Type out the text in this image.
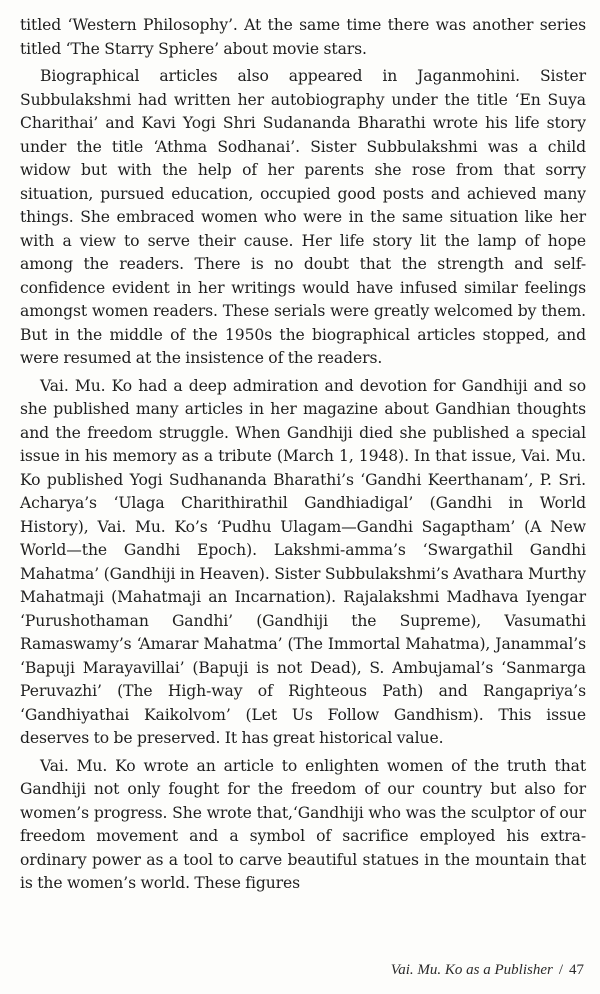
titled ‘Western Philosophy’. At the same time there was another series titled ‘The Starry Sphere’ about movie stars.

Biographical articles also appeared in Jaganmohini. Sister Subbulakshmi had written her autobiography under the title ‘En Suya Charithai’ and Kavi Yogi Shri Sudananda Bharathi wrote his life story under the title ‘Athma Sodhanai’. Sister Subbulakshmi was a child widow but with the help of her parents she rose from that sorry situation, pursued education, occupied good posts and achieved many things. She embraced women who were in the same situation like her with a view to serve their cause. Her life story lit the lamp of hope among the readers. There is no doubt that the strength and self-confidence evident in her writings would have infused similar feelings amongst women readers. These serials were greatly welcomed by them. But in the middle of the 1950s the biographical articles stopped, and were resumed at the insistence of the readers.

Vai. Mu. Ko had a deep admiration and devotion for Gandhiji and so she published many articles in her magazine about Gandhian thoughts and the freedom struggle. When Gandhiji died she published a special issue in his memory as a tribute (March 1, 1948). In that issue, Vai. Mu. Ko published Yogi Sudhananda Bharathi’s ‘Gandhi Keerthanam’, P. Sri. Acharya’s ‘Ulaga Charithirathil Gandhiadigal’ (Gandhi in World History), Vai. Mu. Ko’s ‘Pudhu Ulagam—Gandhi Sagaptham’ (A New World—the Gandhi Epoch). Lakshmi-amma’s ‘Swargathil Gandhi Mahatma’ (Gandhiji in Heaven). Sister Subbulakshmi’s Avathara Murthy Mahatmaji (Mahatmaji an Incarnation). Rajalakshmi Madhava Iyengar ‘Purushothaman Gandhi’ (Gandhiji the Supreme), Vasumathi Ramaswamy’s ‘Amarar Mahatma’ (The Immortal Mahatma), Janammal’s ‘Bapuji Marayavillai’ (Bapuji is not Dead), S. Ambujamal’s ‘Sanmarga Peruvazhi’ (The High-way of Righteous Path) and Rangapriya’s ‘Gandhiyathai Kaikolvom’ (Let Us Follow Gandhism). This issue deserves to be preserved. It has great historical value.

Vai. Mu. Ko wrote an article to enlighten women of the truth that Gandhiji not only fought for the freedom of our country but also for women’s progress. She wrote that,‘Gandhiji who was the sculptor of our freedom movement and a symbol of sacrifice employed his extra-ordinary power as a tool to carve beautiful statues in the mountain that is the women’s world. These figures

Vai. Mu. Ko as a Publisher / 47
